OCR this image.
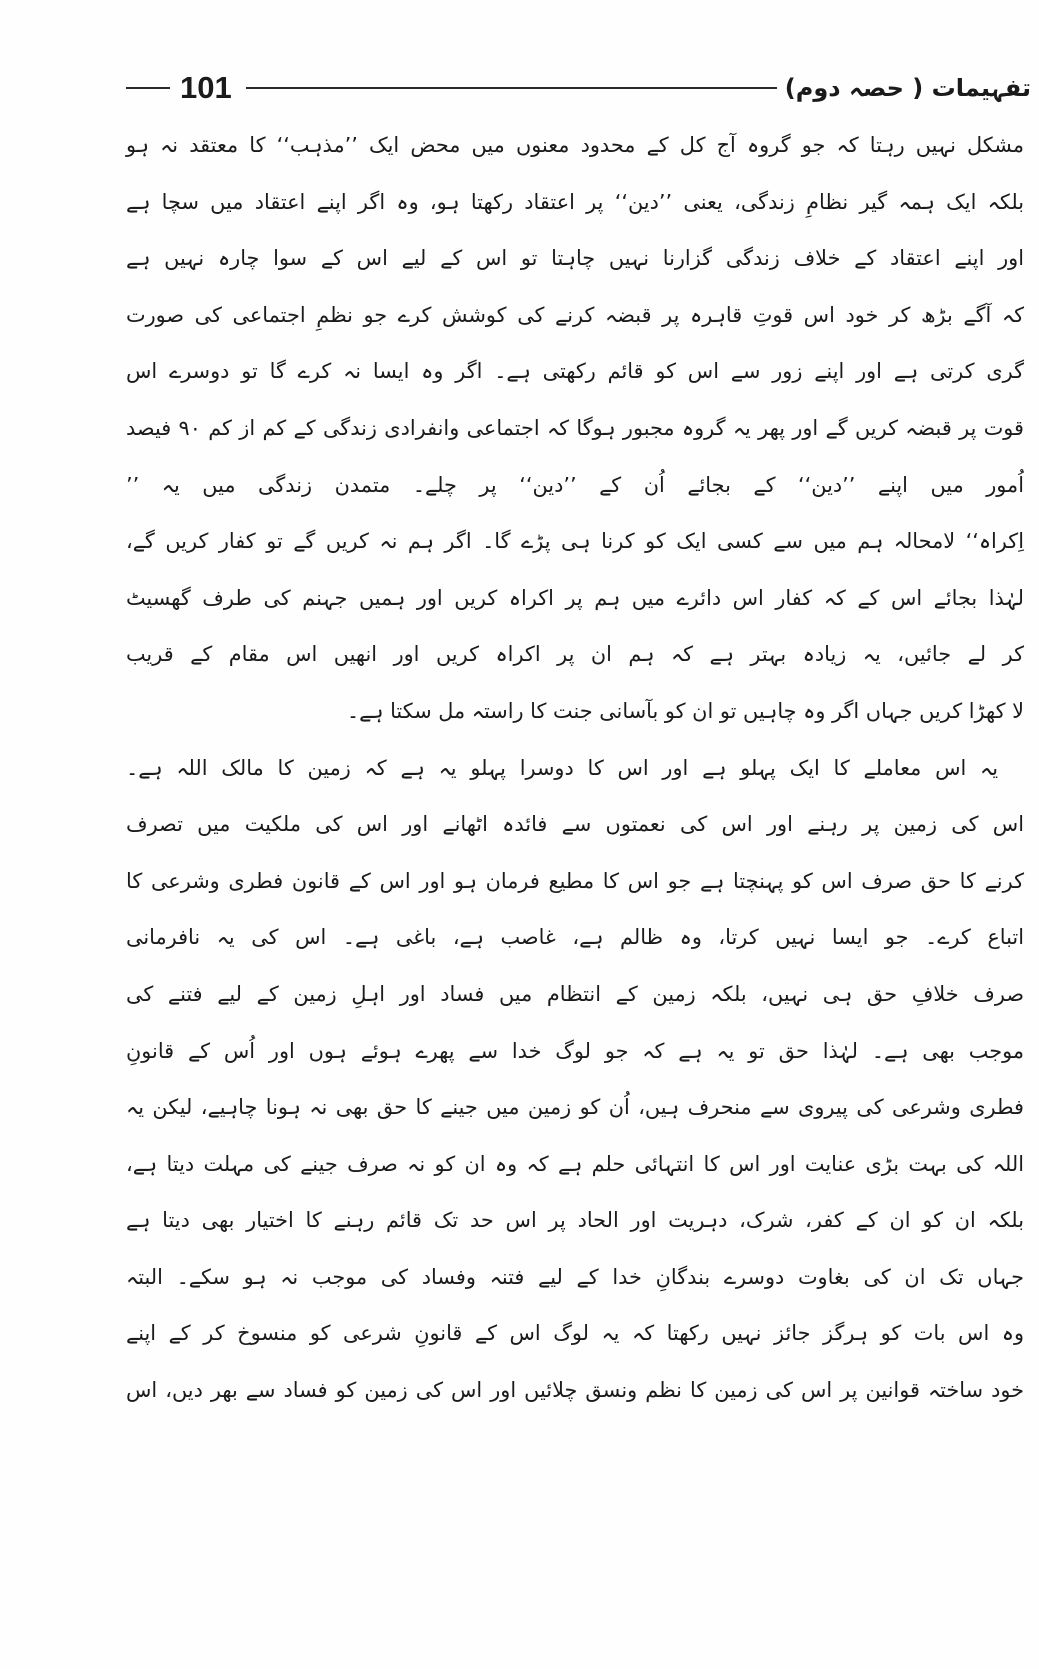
تفہیمات ( حصہ دوم)
101
مشکل نہیں رہتا کہ جو گروہ آج کل کے محدود معنوں میں محض ایک ’’مذہب‘‘ کا معتقد نہ ہو
بلکہ ایک ہمہ گیر نظامِ زندگی، یعنی ’’دین‘‘ پر اعتقاد رکھتا ہو، وہ اگر اپنے اعتقاد میں سچا ہے
اور اپنے اعتقاد کے خلاف زندگی گزارنا نہیں چاہتا تو اس کے لیے اس کے سوا چارہ نہیں ہے
کہ آگے بڑھ کر خود اس قوتِ قاہرہ پر قبضہ کرنے کی کوشش کرے جو نظمِ اجتماعی کی صورت
گری کرتی ہے اور اپنے زور سے اس کو قائم رکھتی ہے۔ اگر وہ ایسا نہ کرے گا تو دوسرے اس
قوت پر قبضہ کریں گے اور پھر یہ گروہ مجبور ہوگا کہ اجتماعی وانفرادی زندگی کے کم از کم ۹۰ فیصد
اُمور میں اپنے ’’دین‘‘ کے بجائے اُن کے ’’دین‘‘ پر چلے۔ متمدن زندگی میں یہ ’’
اِکراہ‘‘ لامحالہ ہم میں سے کسی ایک کو کرنا ہی پڑے گا۔ اگر ہم نہ کریں گے تو کفار کریں گے،
لہٰذا بجائے اس کے کہ کفار اس دائرے میں ہم پر اکراہ کریں اور ہمیں جہنم کی طرف گھسیٹ
کر لے جائیں، یہ زیادہ بہتر ہے کہ ہم ان پر اکراہ کریں اور انھیں اس مقام کے قریب
لا کھڑا کریں جہاں اگر وہ چاہیں تو ان کو بآسانی جنت کا راستہ مل سکتا ہے۔
یہ اس معاملے کا ایک پہلو ہے اور اس کا دوسرا پہلو یہ ہے کہ زمین کا مالک اللہ ہے۔
اس کی زمین پر رہنے اور اس کی نعمتوں سے فائدہ اٹھانے اور اس کی ملکیت میں تصرف
کرنے کا حق صرف اس کو پہنچتا ہے جو اس کا مطیع فرمان ہو اور اس کے قانون فطری وشرعی کا
اتباع کرے۔ جو ایسا نہیں کرتا، وہ ظالم ہے، غاصب ہے، باغی ہے۔ اس کی یہ نافرمانی
صرف خلافِ حق ہی نہیں، بلکہ زمین کے انتظام میں فساد اور اہلِ زمین کے لیے فتنے کی
موجب بھی ہے۔ لہٰذا حق تو یہ ہے کہ جو لوگ خدا سے پھرے ہوئے ہوں اور اُس کے قانونِ
فطری وشرعی کی پیروی سے منحرف ہیں، اُن کو زمین میں جینے کا حق بھی نہ ہونا چاہیے، لیکن یہ
اللہ کی بہت بڑی عنایت اور اس کا انتہائی حلم ہے کہ وہ ان کو نہ صرف جینے کی مہلت دیتا ہے،
بلکہ ان کو ان کے کفر، شرک، دہریت اور الحاد پر اس حد تک قائم رہنے کا اختیار بھی دیتا ہے
جہاں تک ان کی بغاوت دوسرے بندگانِ خدا کے لیے فتنہ وفساد کی موجب نہ ہو سکے۔ البتہ
وہ اس بات کو ہرگز جائز نہیں رکھتا کہ یہ لوگ اس کے قانونِ شرعی کو منسوخ کر کے اپنے
خود ساختہ قوانین پر اس کی زمین کا نظم ونسق چلائیں اور اس کی زمین کو فساد سے بھر دیں، اس
